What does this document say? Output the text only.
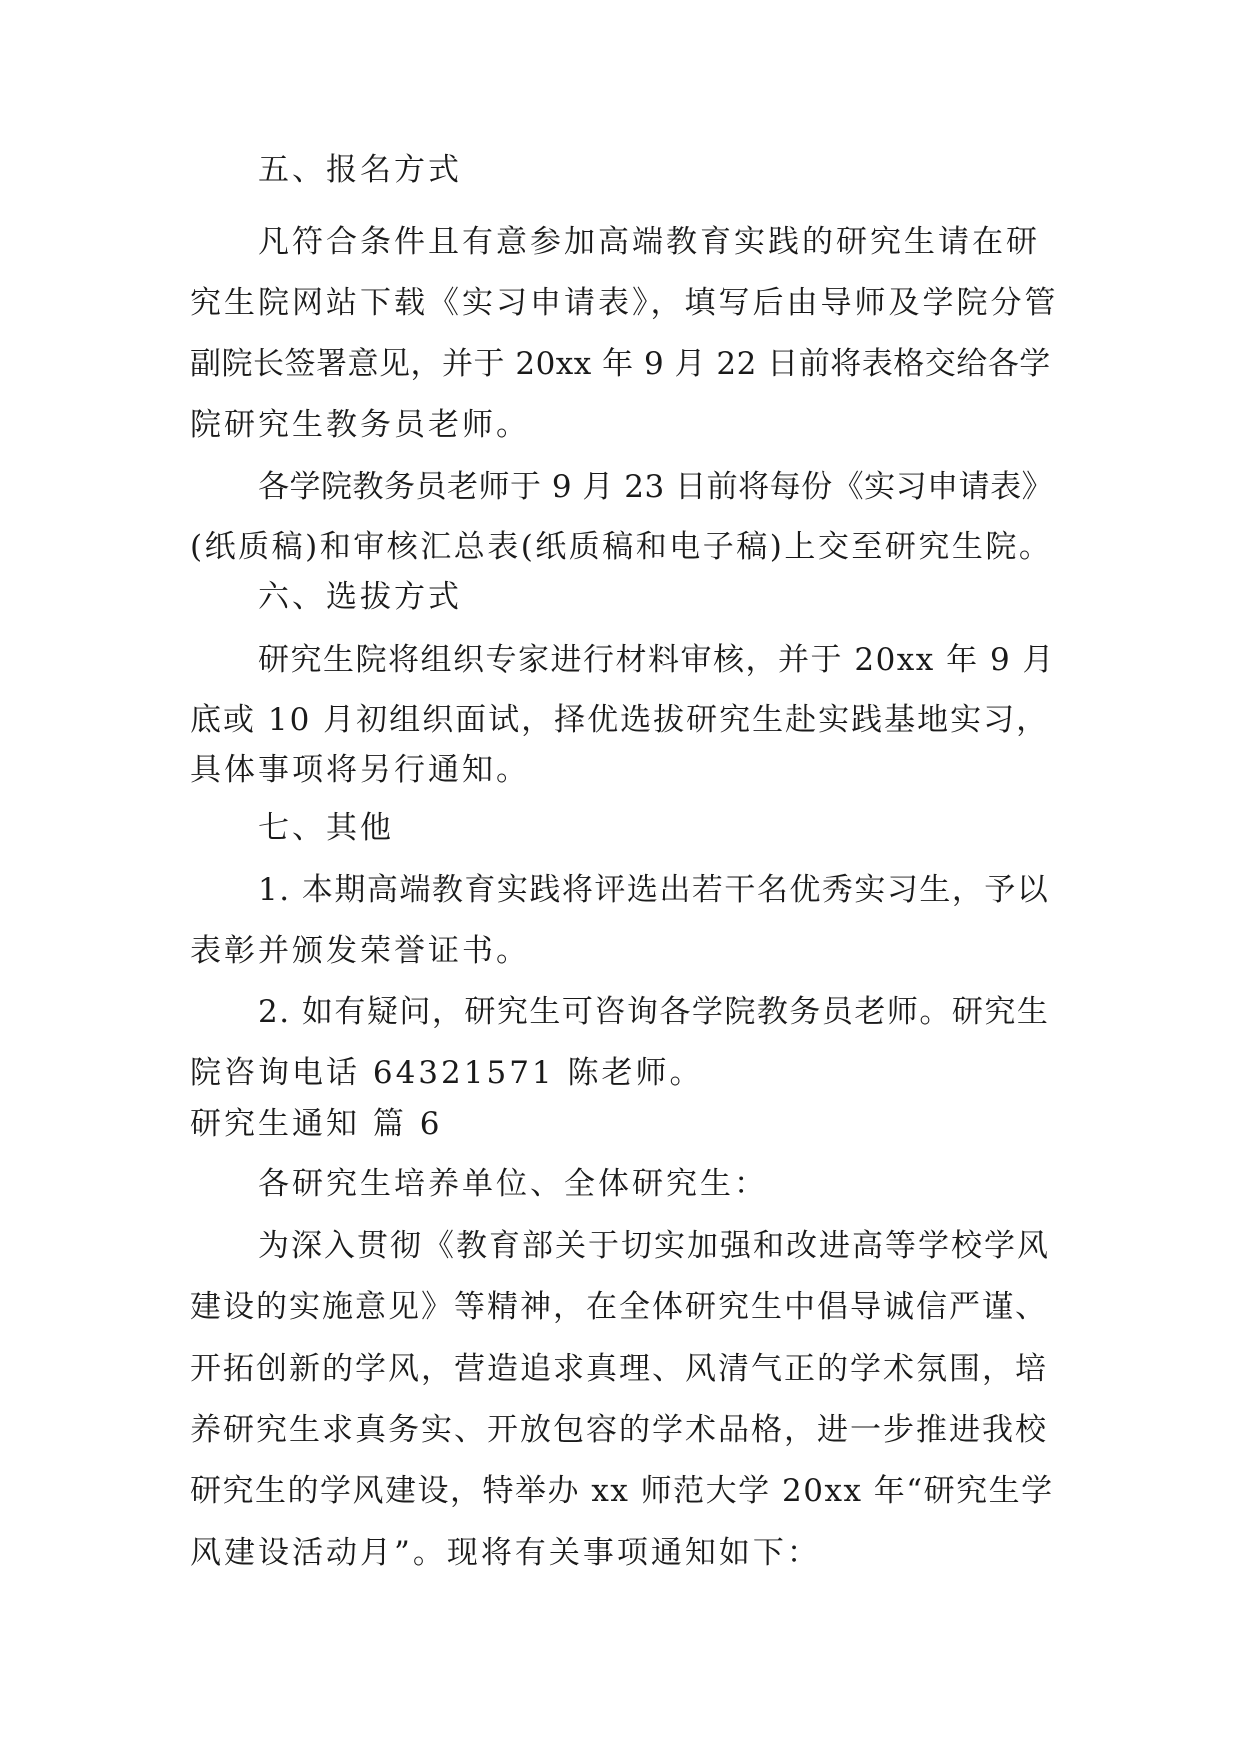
五、报名方式
凡符合条件且有意参加高端教育实践的研究生请在研
究生院网站下载《实习申请表》，填写后由导师及学院分管
副院长签署意见，并于 20xx 年 9 月 22 日前将表格交给各学
院研究生教务员老师。
各学院教务员老师于 9 月 23 日前将每份《实习申请表》
(纸质稿)和审核汇总表(纸质稿和电子稿)上交至研究生院。
六、选拔方式
研究生院将组织专家进行材料审核，并于 20xx 年 9 月
底或 10 月初组织面试，择优选拔研究生赴实践基地实习，
具体事项将另行通知。
七、其他
1. 本期高端教育实践将评选出若干名优秀实习生，予以
表彰并颁发荣誉证书。
2. 如有疑问，研究生可咨询各学院教务员老师。研究生
院咨询电话 64321571 陈老师。
研究生通知 篇 6
各研究生培养单位、全体研究生：
为深入贯彻《教育部关于切实加强和改进高等学校学风
建设的实施意见》等精神，在全体研究生中倡导诚信严谨、
开拓创新的学风，营造追求真理、风清气正的学术氛围，培
养研究生求真务实、开放包容的学术品格，进一步推进我校
研究生的学风建设，特举办 xx 师范大学 20xx 年“研究生学
风建设活动月”。现将有关事项通知如下：
